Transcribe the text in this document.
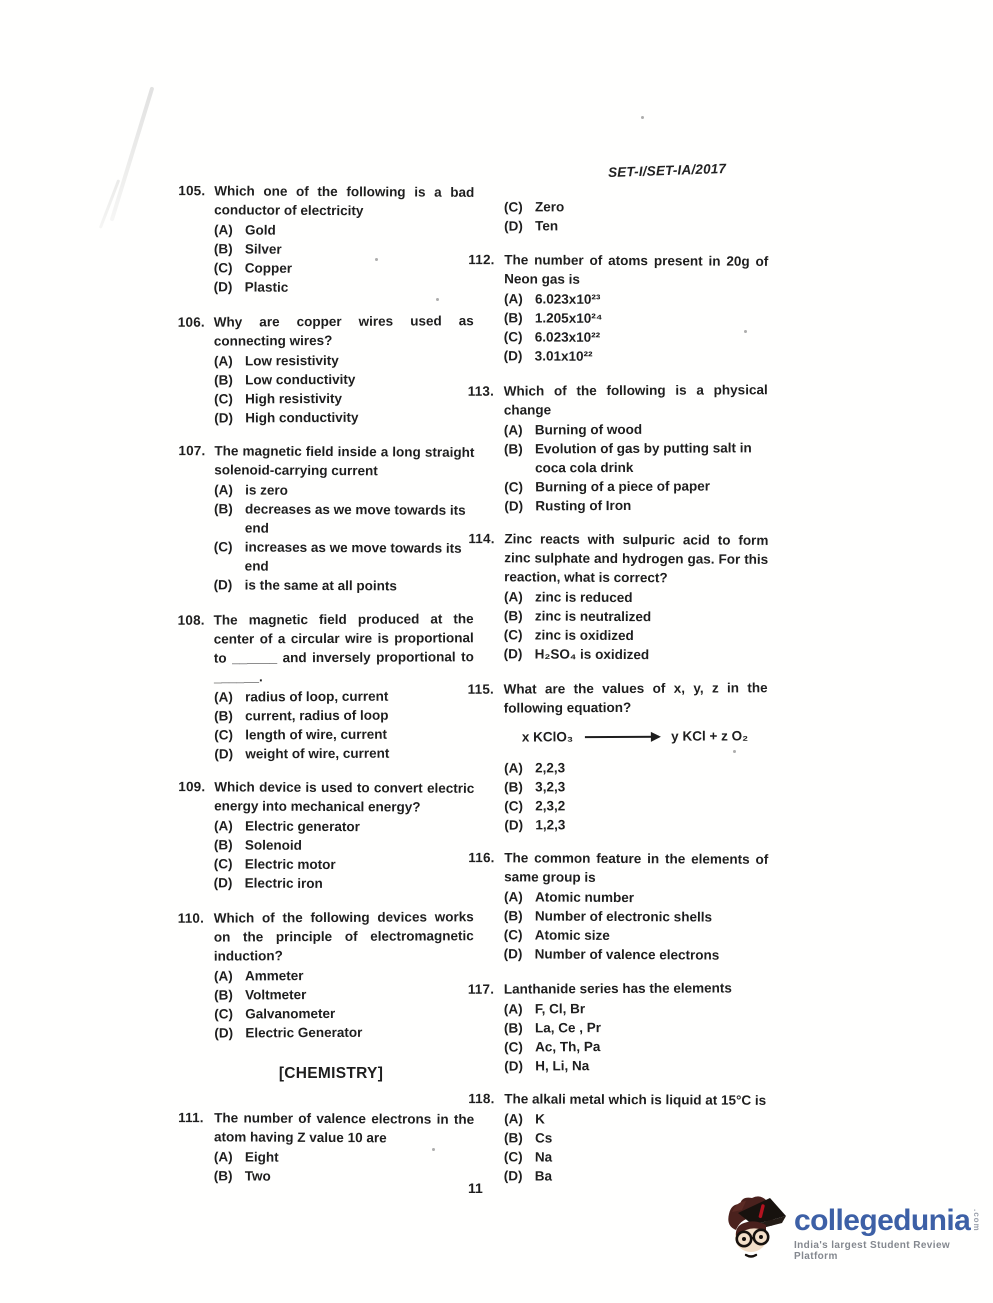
SET-I/SET-IA/2017
105. Which one of the following is a bad conductor of electricity
(A) Gold
(B) Silver
(C) Copper
(D) Plastic
106. Why are copper wires used as connecting wires?
(A) Low resistivity
(B) Low conductivity
(C) High resistivity
(D) High conductivity
107. The magnetic field inside a long straight solenoid-carrying current
(A) is zero
(B) decreases as we move towards its end
(C) increases as we move towards its end
(D) is the same at all points
108. The magnetic field produced at the center of a circular wire is proportional to ______ and inversely proportional to ______.
(A) radius of loop, current
(B) current, radius of loop
(C) length of wire, current
(D) weight of wire, current
109. Which device is used to convert electric energy into mechanical energy?
(A) Electric generator
(B) Solenoid
(C) Electric motor
(D) Electric iron
110. Which of the following devices works on the principle of electromagnetic induction?
(A) Ammeter
(B) Voltmeter
(C) Galvanometer
(D) Electric Generator
[CHEMISTRY]
111. The number of valence electrons in the atom having Z value 10 are
(A) Eight
(B) Two
(C) Zero
(D) Ten
112. The number of atoms present in 20g of Neon gas is
(A) 6.023x10²³
(B) 1.205x10²⁴
(C) 6.023x10²²
(D) 3.01x10²²
113. Which of the following is a physical change
(A) Burning of wood
(B) Evolution of gas by putting salt in coca cola drink
(C) Burning of a piece of paper
(D) Rusting of Iron
114. Zinc reacts with sulpuric acid to form zinc sulphate and hydrogen gas. For this reaction, what is correct?
(A) zinc is reduced
(B) zinc is neutralized
(C) zinc is oxidized
(D) H₂SO₄ is oxidized
115. What are the values of x, y, z in the following equation?
x KClO₃	y KCl + z O₂
(A) 2,2,3
(B) 3,2,3
(C) 2,3,2
(D) 1,2,3
116. The common feature in the elements of same group is
(A) Atomic number
(B) Number of electronic shells
(C) Atomic size
(D) Number of valence electrons
117. Lanthanide series has the elements
(A) F, Cl, Br
(B) La, Ce , Pr
(C) Ac, Th, Pa
(D) H, Li, Na
118. The alkali metal which is liquid at 15°C is
(A) K
(B) Cs
(C) Na
(D) Ba
11
collegedunia .com
India's largest Student Review Platform
